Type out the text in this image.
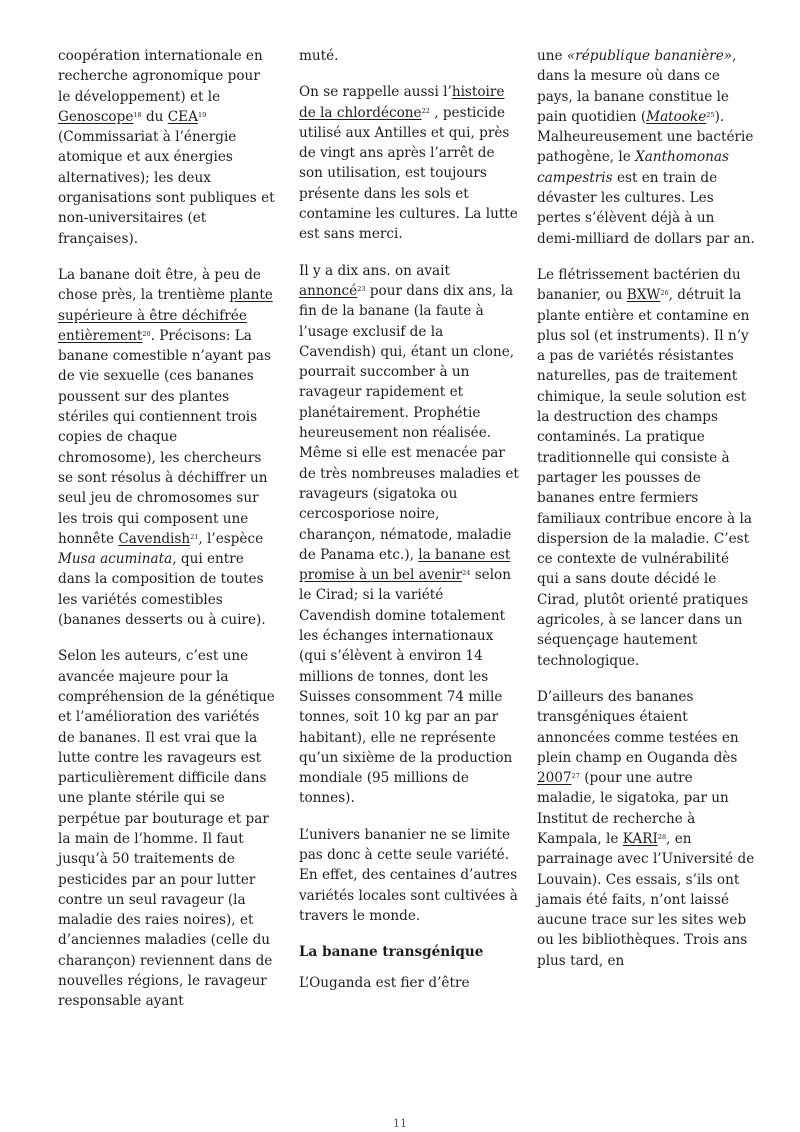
coopération internationale en recherche agronomique pour le développement) et le Genoscope$^{18}$ du CEA$^{19}$ (Commissariat à l’énergie atomique et aux énergies alternatives); les deux organisations sont publiques et non-universitaires (et françaises).

La banane doit être, à peu de chose près, la trentième plante supérieure à être déchifrée entièrement$^{20}$. Précisons: La banane comestible n’ayant pas de vie sexuelle (ces bananes poussent sur des plantes stériles qui contiennent trois copies de chaque chromosome), les chercheurs se sont résolus à déchiffrer un seul jeu de chromosomes sur les trois qui composent une honnête Cavendish$^{21}$, l’espèce Musa acuminata, qui entre dans la composition de toutes les variétés comestibles (bananes desserts ou à cuire).

Selon les auteurs, c’est une avancée majeure pour la compréhension de la génétique et l’amélioration des variétés de bananes. Il est vrai que la lutte contre les ravageurs est particulièrement difficile dans une plante stérile qui se perpétue par bouturage et par la main de l’homme. Il faut jusqu’à 50 traitements de pesticides par an pour lutter contre un seul ravageur (la maladie des raies noires), et d’anciennes maladies (celle du charançon) reviennent dans de nouvelles régions, le ravageur responsable ayant

muté.

On se rappelle aussi l’histoire de la chlordécone$^{22}$ , pesticide utilisé aux Antilles et qui, près de vingt ans après l’arrêt de son utilisation, est toujours présente dans les sols et contamine les cultures. La lutte est sans merci.

Il y a dix ans. on avait annoncé$^{23}$ pour dans dix ans, la fin de la banane (la faute à l’usage exclusif de la Cavendish) qui, étant un clone, pourrait succomber à un ravageur rapidement et planétairement. Prophétie heureusement non réalisée. Même si elle est menacée par de très nombreuses maladies et ravageurs (sigatoka ou cercosporiose noire, charançon, nématode, maladie de Panama etc.), la banane est promise à un bel avenir$^{24}$ selon le Cirad; si la variété Cavendish domine totalement les échanges internationaux (qui s’élèvent à environ 14 millions de tonnes, dont les Suisses consomment 74 mille tonnes, soit 10 kg par an par habitant), elle ne représente qu’un sixième de la production mondiale (95 millions de tonnes).

L’univers bananier ne se limite pas donc à cette seule variété. En effet, des centaines d’autres variétés locales sont cultivées à travers le monde.

La banane transgénique

L’Ouganda est fier d’être

une «république bananière», dans la mesure où dans ce pays, la banane constitue le pain quotidien (Matooke$^{25}$). Malheureusement une bactérie pathogène, le Xanthomonas campestris est en train de dévaster les cultures. Les pertes s’élèvent déjà à un demi-milliard de dollars par an.

Le flétrissement bactérien du bananier, ou BXW$^{26}$, détruit la plante entière et contamine en plus sol (et instruments). Il n’y a pas de variétés résistantes naturelles, pas de traitement chimique, la seule solution est la destruction des champs contaminés. La pratique traditionnelle qui consiste à partager les pousses de bananes entre fermiers familiaux contribue encore à la dispersion de la maladie. C’est ce contexte de vulnérabilité qui a sans doute décidé le Cirad, plutôt orienté pratiques agricoles, à se lancer dans un séquençage hautement technologique.

D’ailleurs des bananes transgéniques étaient annoncées comme testées en plein champ en Ouganda dès 2007$^{27}$ (pour une autre maladie, le sigatoka, par un Institut de recherche à Kampala, le KARI$^{28}$, en parrainage avec l’Université de Louvain). Ces essais, s’ils ont jamais été faits, n’ont laissé aucune trace sur les sites web ou les bibliothèques. Trois ans plus tard, en

11
